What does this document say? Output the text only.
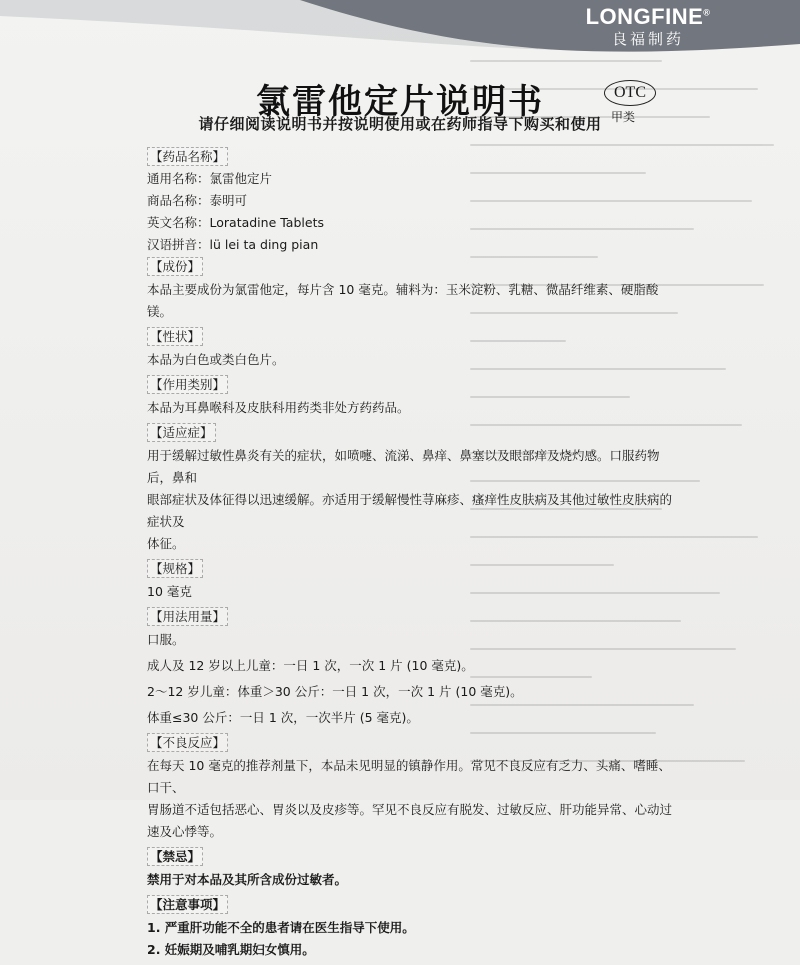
LONGFINE®
良福制药
氯雷他定片说明书	OTC
甲类
请仔细阅读说明书并按说明使用或在药师指导下购买和使用
【药品名称】
通用名称：氯雷他定片
商品名称：泰明可
英文名称：Loratadine Tablets
汉语拼音：lü lei ta ding pian
【成份】
本品主要成份为氯雷他定，每片含 10 毫克。辅料为：玉米淀粉、乳糖、微晶纤维素、硬脂酸镁。
【性状】
本品为白色或类白色片。
【作用类别】
本品为耳鼻喉科及皮肤科用药类非处方药药品。
【适应症】
用于缓解过敏性鼻炎有关的症状，如喷嚏、流涕、鼻痒、鼻塞以及眼部痒及烧灼感。口服药物后，鼻和
眼部症状及体征得以迅速缓解。亦适用于缓解慢性荨麻疹、瘙痒性皮肤病及其他过敏性皮肤病的症状及
体征。
【规格】
10 毫克
【用法用量】
口服。
成人及 12 岁以上儿童：一日 1 次，一次 1 片 (10 毫克)。
2～12 岁儿童：体重＞30 公斤：一日 1 次，一次 1 片 (10 毫克)。
体重≤30 公斤：一日 1 次，一次半片 (5 毫克)。
【不良反应】
在每天 10 毫克的推荐剂量下，本品未见明显的镇静作用。常见不良反应有乏力、头痛、嗜睡、口干、
胃肠道不适包括恶心、胃炎以及皮疹等。罕见不良反应有脱发、过敏反应、肝功能异常、心动过速及心悸等。
【禁忌】
禁用于对本品及其所含成份过敏者。
【注意事项】
1. 严重肝功能不全的患者请在医生指导下使用。
2. 妊娠期及哺乳期妇女慎用。
